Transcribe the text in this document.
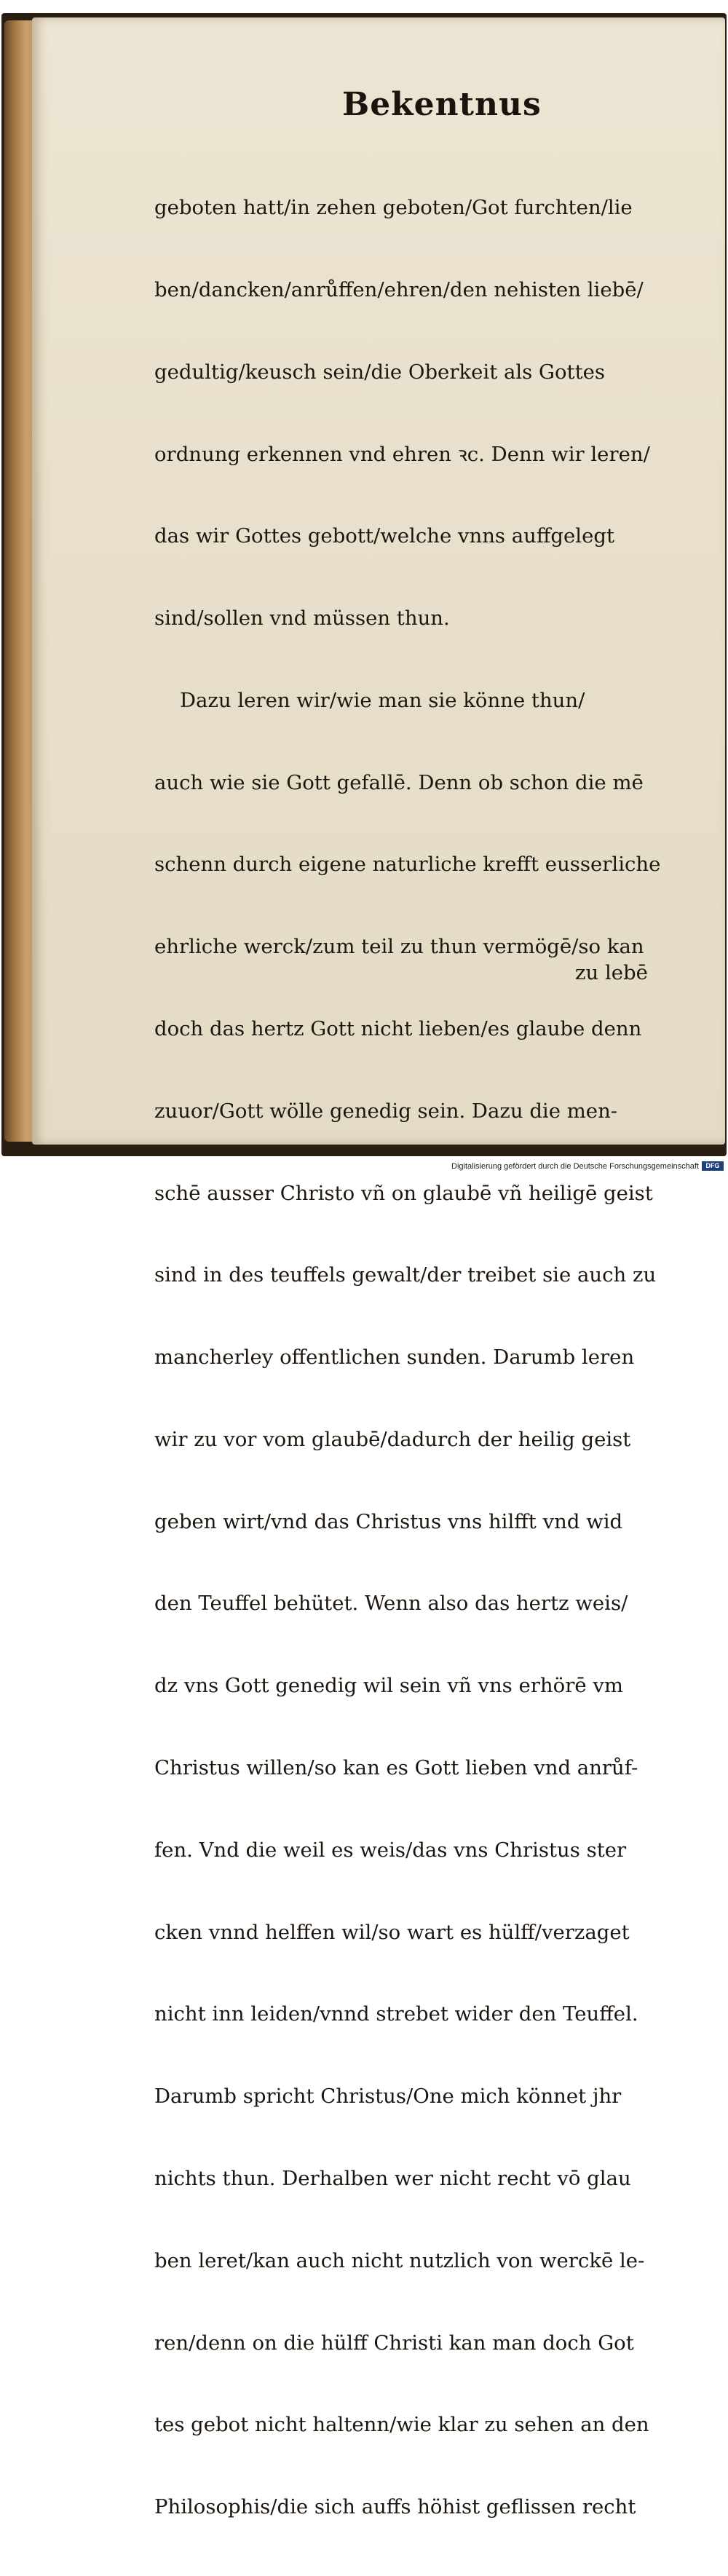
Bekentnus

geboten hatt/in zehen geboten/Got furchten/lie

ben/dancken/anrůffen/ehren/den nehisten liebē/

gedultig/keusch sein/die Oberkeit als Gottes

ordnung erkennen vnd ehren ꝛc. Denn wir leren/

das wir Gottes gebott/welche vnns auffgelegt

sind/sollen vnd müssen thun.

Dazu leren wir/wie man sie könne thun/

auch wie sie Gott gefallē. Denn ob schon die mē

schenn durch eigene naturliche krefft eusserliche

ehrliche werck/zum teil zu thun vermögē/so kan

doch das hertz Gott nicht lieben/es glaube denn

zuuor/Gott wölle genedig sein. Dazu die men-

schē ausser Christo vñ on glaubē vñ heiligē geist

sind in des teuffels gewalt/der treibet sie auch zu

mancherley offentlichen sunden. Darumb leren

wir zu vor vom glaubē/dadurch der heilig geist

geben wirt/vnd das Christus vns hilfft vnd wid

den Teuffel behütet. Wenn also das hertz weis/

dz vns Gott genedig wil sein vñ vns erhörē vm

Christus willen/so kan es Gott lieben vnd anrůf-

fen. Vnd die weil es weis/das vns Christus ster

cken vnnd helffen wil/so wart es hülff/verzaget

nicht inn leiden/vnnd strebet wider den Teuffel.

Darumb spricht Christus/One mich könnet jhr

nichts thun. Derhalben wer nicht recht vō glau

ben leret/kan auch nicht nutzlich von werckē le-

ren/denn on die hülff Christi kan man doch Got

tes gebot nicht haltenn/wie klar zu sehen an den

Philosophis/die sich auffs höhist geflissen recht

zu lebē
Digitalisierung gefördert durch die Deutsche Forschungsgemeinschaft	DFG
